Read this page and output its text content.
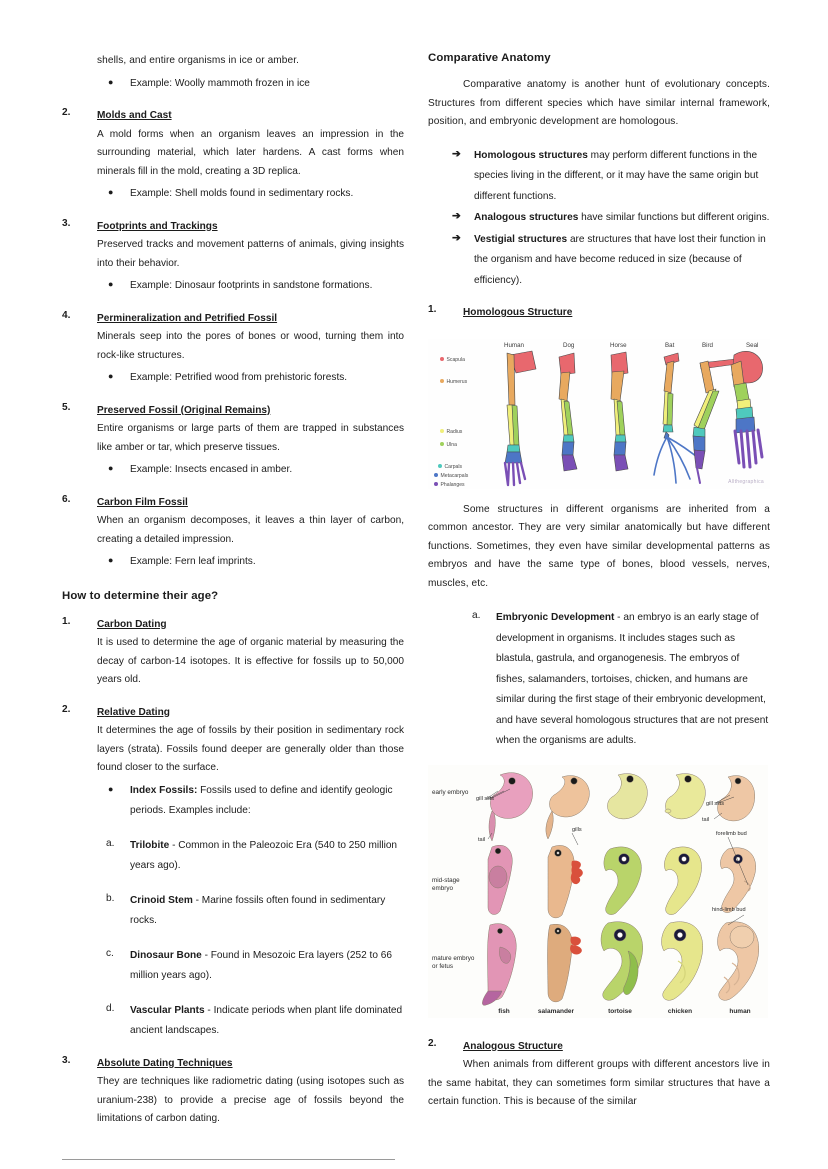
shells, and entire organisms in ice or amber.

● Example: Woolly mammoth frozen in ice
2.	Molds and Cast
A mold forms when an organism leaves an impression in the surrounding material, which later hardens. A cast forms when minerals fill in the mold, creating a 3D replica.
● Example: Shell molds found in sedimentary rocks.
3.	Footprints and Trackings
Preserved tracks and movement patterns of animals, giving insights into their behavior.
● Example: Dinosaur footprints in sandstone formations.
4.	Permineralization and Petrified Fossil
Minerals seep into the pores of bones or wood, turning them into rock-like structures.
● Example: Petrified wood from prehistoric forests.
5.	Preserved Fossil (Original Remains)
Entire organisms or large parts of them are trapped in substances like amber or tar, which preserve tissues.
● Example: Insects encased in amber.
6.	Carbon Film Fossil
When an organism decomposes, it leaves a thin layer of carbon, creating a detailed impression.
● Example: Fern leaf imprints.

How to determine their age?

1.	Carbon Dating
It is used to determine the age of organic material by measuring the decay of carbon-14 isotopes. It is effective for fossils up to 50,000 years old.
2.	Relative Dating
It determines the age of fossils by their position in sedimentary rock layers (strata). Fossils found deeper are generally older than those found closer to the surface.
● Index Fossils: Fossils used to define and identify geologic periods. Examples include:
a. Trilobite - Common in the Paleozoic Era (540 to 250 million years ago).
b. Crinoid Stem - Marine fossils often found in sedimentary rocks.
c. Dinosaur Bone - Found in Mesozoic Era layers (252 to 66 million years ago).
d. Vascular Plants - Indicate periods when plant life dominated ancient landscapes.
3.	Absolute Dating Techniques
They are techniques like radiometric dating (using isotopes such as uranium-238) to provide a precise age of fossils beyond the limitations of carbon dating.

Comparative Anatomy

Comparative anatomy is another hunt of evolutionary concepts. Structures from different species which have similar internal framework, position, and embryonic development are homologous.

➔ Homologous structures may perform different functions in the species living in the different, or it may have the same origin but different functions.
➔ Analogous structures have similar functions but different origins.
➔ Vestigial structures are structures that have lost their function in the organism and have become reduced in size (because of efficiency).
1.	Homologous Structure
Human	Dog	Horse	Bat	Bird	Seal
Scapula
Humerus
Radius
Ulna
Carpals
Metacarpals
Phalanges	Allthegraphica

Some structures in different organisms are inherited from a common ancestor. They are very similar anatomically but have different functions. Sometimes, they even have similar developmental patterns as embryos and have the same type of bones, blood vessels, nerves, muscles, etc.

a. Embryonic Development - an embryo is an early stage of development in organisms. It includes stages such as blastula, gastrula, and organogenesis. The embryos of fishes, salamanders, tortoises, chicken, and humans are similar during the first stage of their embryonic development, and have several homologous structures that are not present when the organisms are adults.
early embryo
mid-stage
embryo
mature embryo
or fetus
fish	salamander	tortoise	chicken	human
gill slits
tail
gills
gill slits
tail
forelimb bud
hind-limb bud
2.	Analogous Structure

When animals from different groups with different ancestors live in the same habitat, they can sometimes form similar structures that have a certain function. This is because of the similar
